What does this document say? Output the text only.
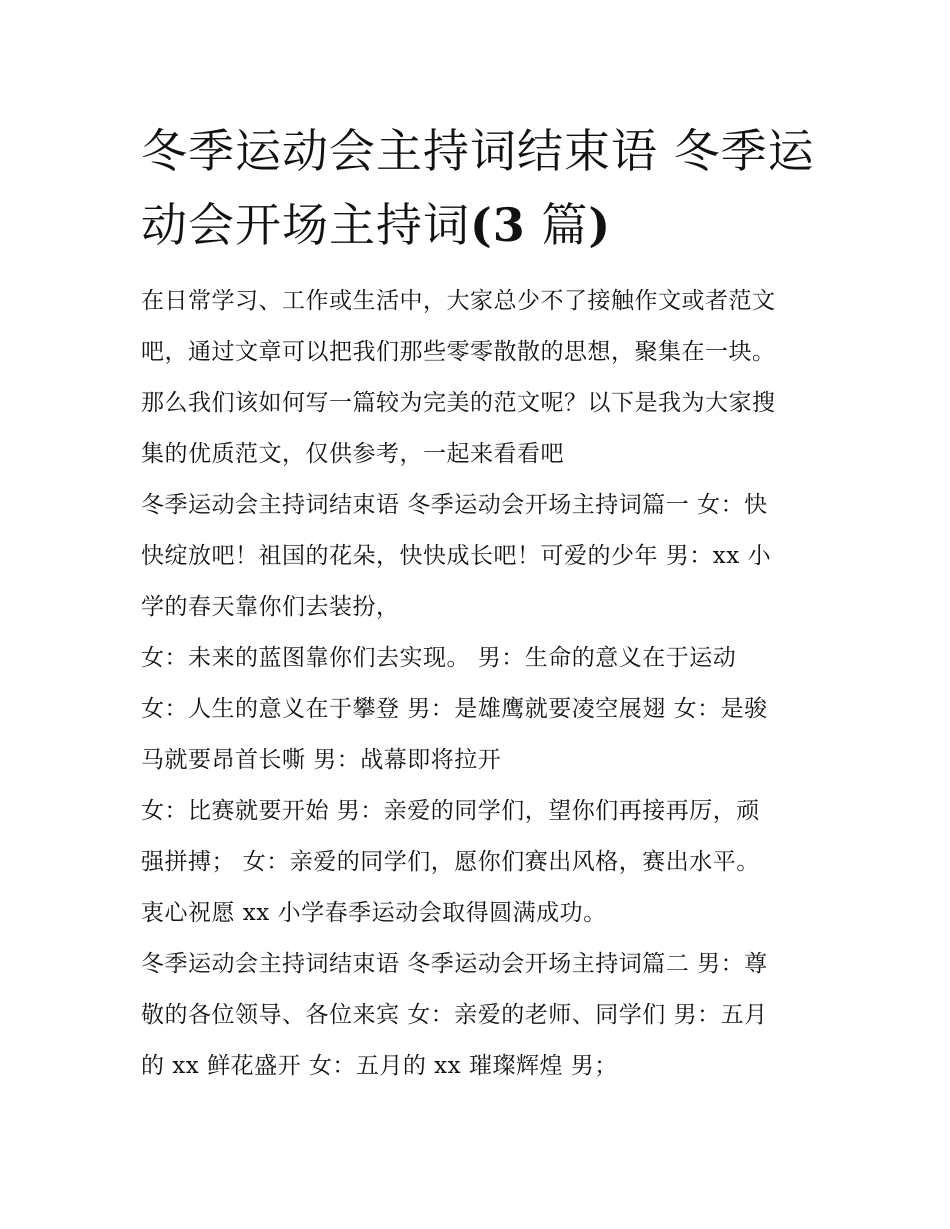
冬季运动会主持词结束语 冬季运动会开场主持词(3 篇)
在日常学习、工作或生活中，大家总少不了接触作文或者范文
吧，通过文章可以把我们那些零零散散的思想，聚集在一块。
那么我们该如何写一篇较为完美的范文呢？以下是我为大家搜
集的优质范文，仅供参考，一起来看看吧
冬季运动会主持词结束语 冬季运动会开场主持词篇一 女：快
快绽放吧！祖国的花朵，快快成长吧！可爱的少年 男：xx 小
学的春天靠你们去装扮，
女：未来的蓝图靠你们去实现。 男：生命的意义在于运动
女：人生的意义在于攀登 男：是雄鹰就要凌空展翅 女：是骏
马就要昂首长嘶 男：战幕即将拉开
女：比赛就要开始 男：亲爱的同学们，望你们再接再厉，顽
强拼搏； 女：亲爱的同学们，愿你们赛出风格，赛出水平。
衷心祝愿 xx 小学春季运动会取得圆满成功。
冬季运动会主持词结束语 冬季运动会开场主持词篇二 男：尊
敬的各位领导、各位来宾 女：亲爱的老师、同学们 男：五月
的 xx 鲜花盛开 女：五月的 xx 璀璨辉煌 男；
